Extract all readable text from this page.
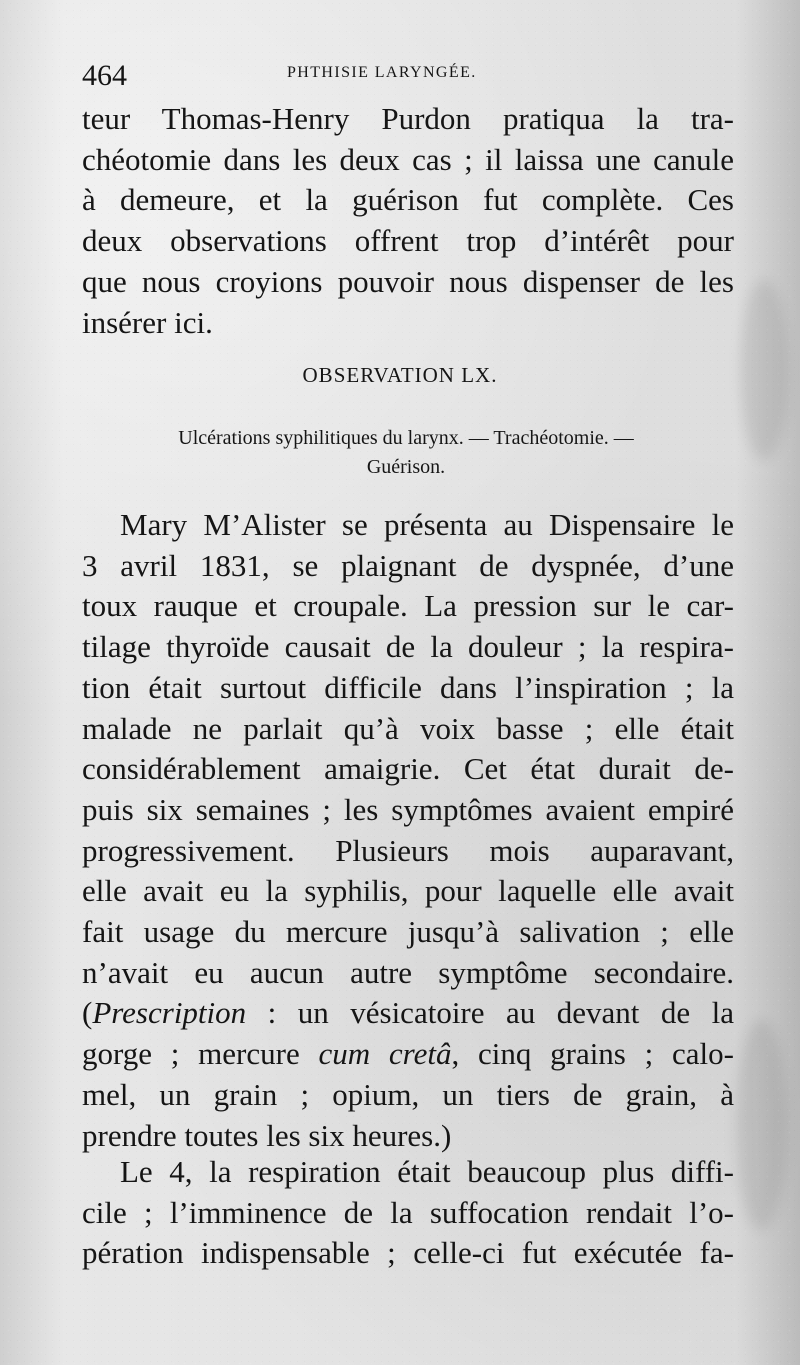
464	PHTHISIE LARYNGÉE.
teur Thomas-Henry Purdon pratiqua la tra-
chéotomie dans les deux cas ; il laissa une canule
à demeure, et la guérison fut complète. Ces
deux observations offrent trop d’intérêt pour
que nous croyions pouvoir nous dispenser de les
insérer ici.
OBSERVATION LX.
Ulcérations syphilitiques du larynx. — Trachéotomie. —
Guérison.
Mary M’Alister se présenta au Dispensaire le
3 avril 1831, se plaignant de dyspnée, d’une
toux rauque et croupale. La pression sur le car-
tilage thyroïde causait de la douleur ; la respira-
tion était surtout difficile dans l’inspiration ; la
malade ne parlait qu’à voix basse ; elle était
considérablement amaigrie. Cet état durait de-
puis six semaines ; les symptômes avaient empiré
progressivement. Plusieurs mois auparavant,
elle avait eu la syphilis, pour laquelle elle avait
fait usage du mercure jusqu’à salivation ; elle
n’avait eu aucun autre symptôme secondaire.
(Prescription : un vésicatoire au devant de la
gorge ; mercure cum cretâ, cinq grains ; calo-
mel, un grain ; opium, un tiers de grain, à
prendre toutes les six heures.)
Le 4, la respiration était beaucoup plus diffi-
cile ; l’imminence de la suffocation rendait l’o-
pération indispensable ; celle-ci fut exécutée fa-
